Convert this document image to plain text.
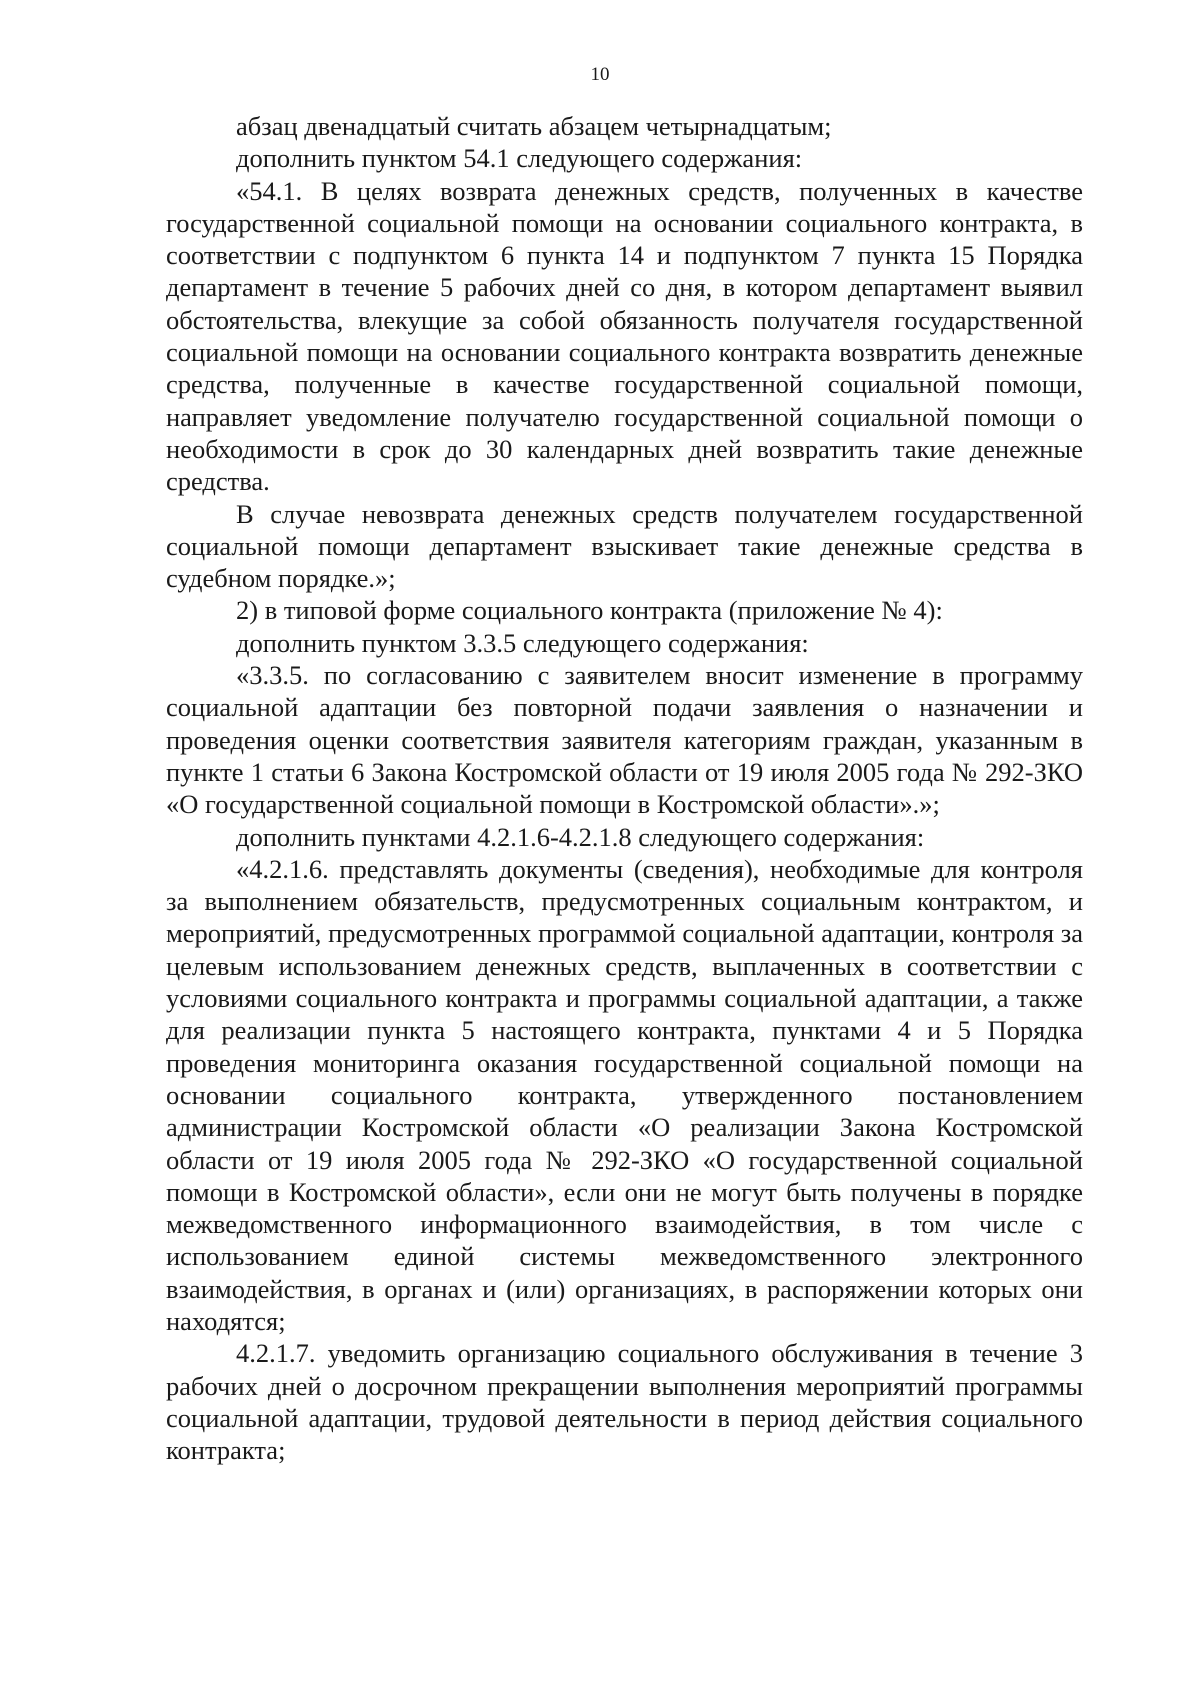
10

абзац двенадцатый считать абзацем четырнадцатым;

дополнить пунктом 54.1 следующего содержания:

«54.1. В целях возврата денежных средств, полученных в качестве государственной социальной помощи на основании социального контракта, в соответствии с подпунктом 6 пункта 14 и подпунктом 7 пункта 15 Порядка департамент в течение 5 рабочих дней со дня, в котором департамент выявил обстоятельства, влекущие за собой обязанность получателя государственной социальной помощи на основании социального контракта возвратить денежные средства, полученные в качестве государственной социальной помощи, направляет уведомление получателю государственной социальной помощи о необходимости в срок до 30 календарных дней возвратить такие денежные средства.

В случае невозврата денежных средств получателем государственной социальной помощи департамент взыскивает такие денежные средства в судебном порядке.»;

2) в типовой форме социального контракта (приложение № 4):

дополнить пунктом 3.3.5 следующего содержания:

«3.3.5. по согласованию с заявителем вносит изменение в программу социальной адаптации без повторной подачи заявления о назначении и проведения оценки соответствия заявителя категориям граждан, указанным в пункте 1 статьи 6 Закона Костромской области от 19 июля 2005 года № 292-ЗКО «О государственной социальной помощи в Костромской области».»;

дополнить пунктами 4.2.1.6-4.2.1.8 следующего содержания:

«4.2.1.6. представлять документы (сведения), необходимые для контроля за выполнением обязательств, предусмотренных социальным контрактом, и мероприятий, предусмотренных программой социальной адаптации, контроля за целевым использованием денежных средств, выплаченных в соответствии с условиями социального контракта и программы социальной адаптации, а также для реализации пункта 5 настоящего контракта, пунктами 4 и 5 Порядка проведения мониторинга оказания государственной социальной помощи на основании социального контракта, утвержденного постановлением администрации Костромской области «О реализации Закона Костромской области от 19 июля 2005 года № 292-ЗКО «О государственной социальной помощи в Костромской области», если они не могут быть получены в порядке межведомственного информационного взаимодействия, в том числе с использованием единой системы межведомственного электронного взаимодействия, в органах и (или) организациях, в распоряжении которых они находятся;

4.2.1.7. уведомить организацию социального обслуживания в течение 3 рабочих дней о досрочном прекращении выполнения мероприятий программы социальной адаптации, трудовой деятельности в период действия социального контракта;
